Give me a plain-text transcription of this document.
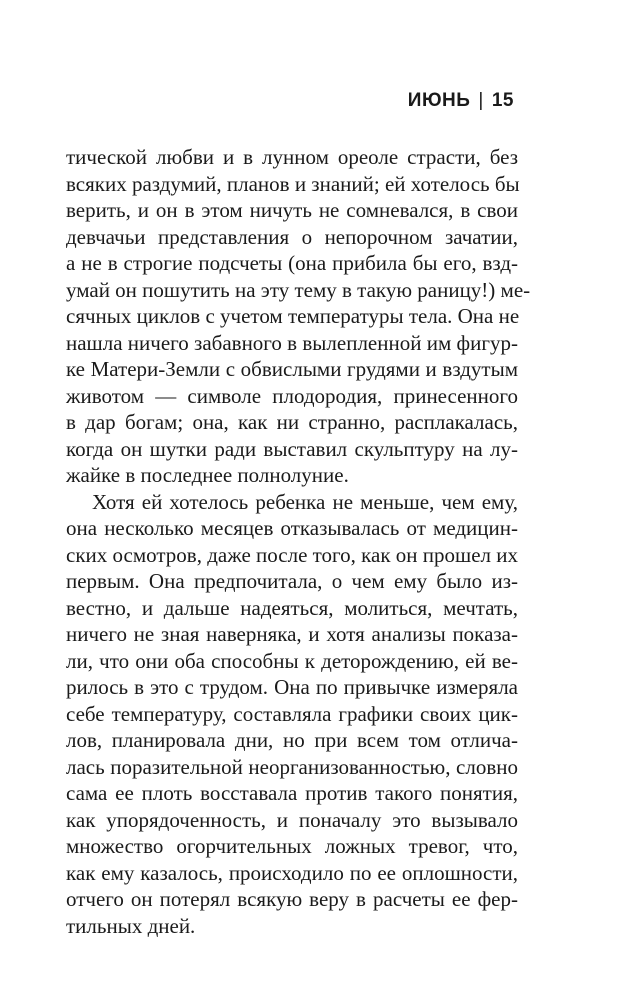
ИЮНЬ | 15
тической любви и в лунном ореоле страсти, без
всяких раздумий, планов и знаний; ей хотелось бы
верить, и он в этом ничуть не сомневался, в свои
девчачьи представления о непорочном зачатии,
а не в строгие подсчеты (она прибила бы его, взд-
умай он пошутить на эту тему в такую раницу!) ме-
сячных циклов с учетом температуры тела. Она не
нашла ничего забавного в вылепленной им фигур-
ке Матери-Земли с обвислыми грудями и вздутым
животом — символе плодородия, принесенного
в дар богам; она, как ни странно, расплакалась,
когда он шутки ради выставил скульптуру на лу-
жайке в последнее полнолуние.
Хотя ей хотелось ребенка не меньше, чем ему,
она несколько месяцев отказывалась от медицин-
ских осмотров, даже после того, как он прошел их
первым. Она предпочитала, о чем ему было из-
вестно, и дальше надеяться, молиться, мечтать,
ничего не зная наверняка, и хотя анализы показа-
ли, что они оба способны к деторождению, ей ве-
рилось в это с трудом. Она по привычке измеряла
себе температуру, составляла графики своих цик-
лов, планировала дни, но при всем том отлича-
лась поразительной неорганизованностью, словно
сама ее плоть восставала против такого понятия,
как упорядоченность, и поначалу это вызывало
множество огорчительных ложных тревог, что,
как ему казалось, происходило по ее оплошности,
отчего он потерял всякую веру в расчеты ее фер-
тильных дней.
